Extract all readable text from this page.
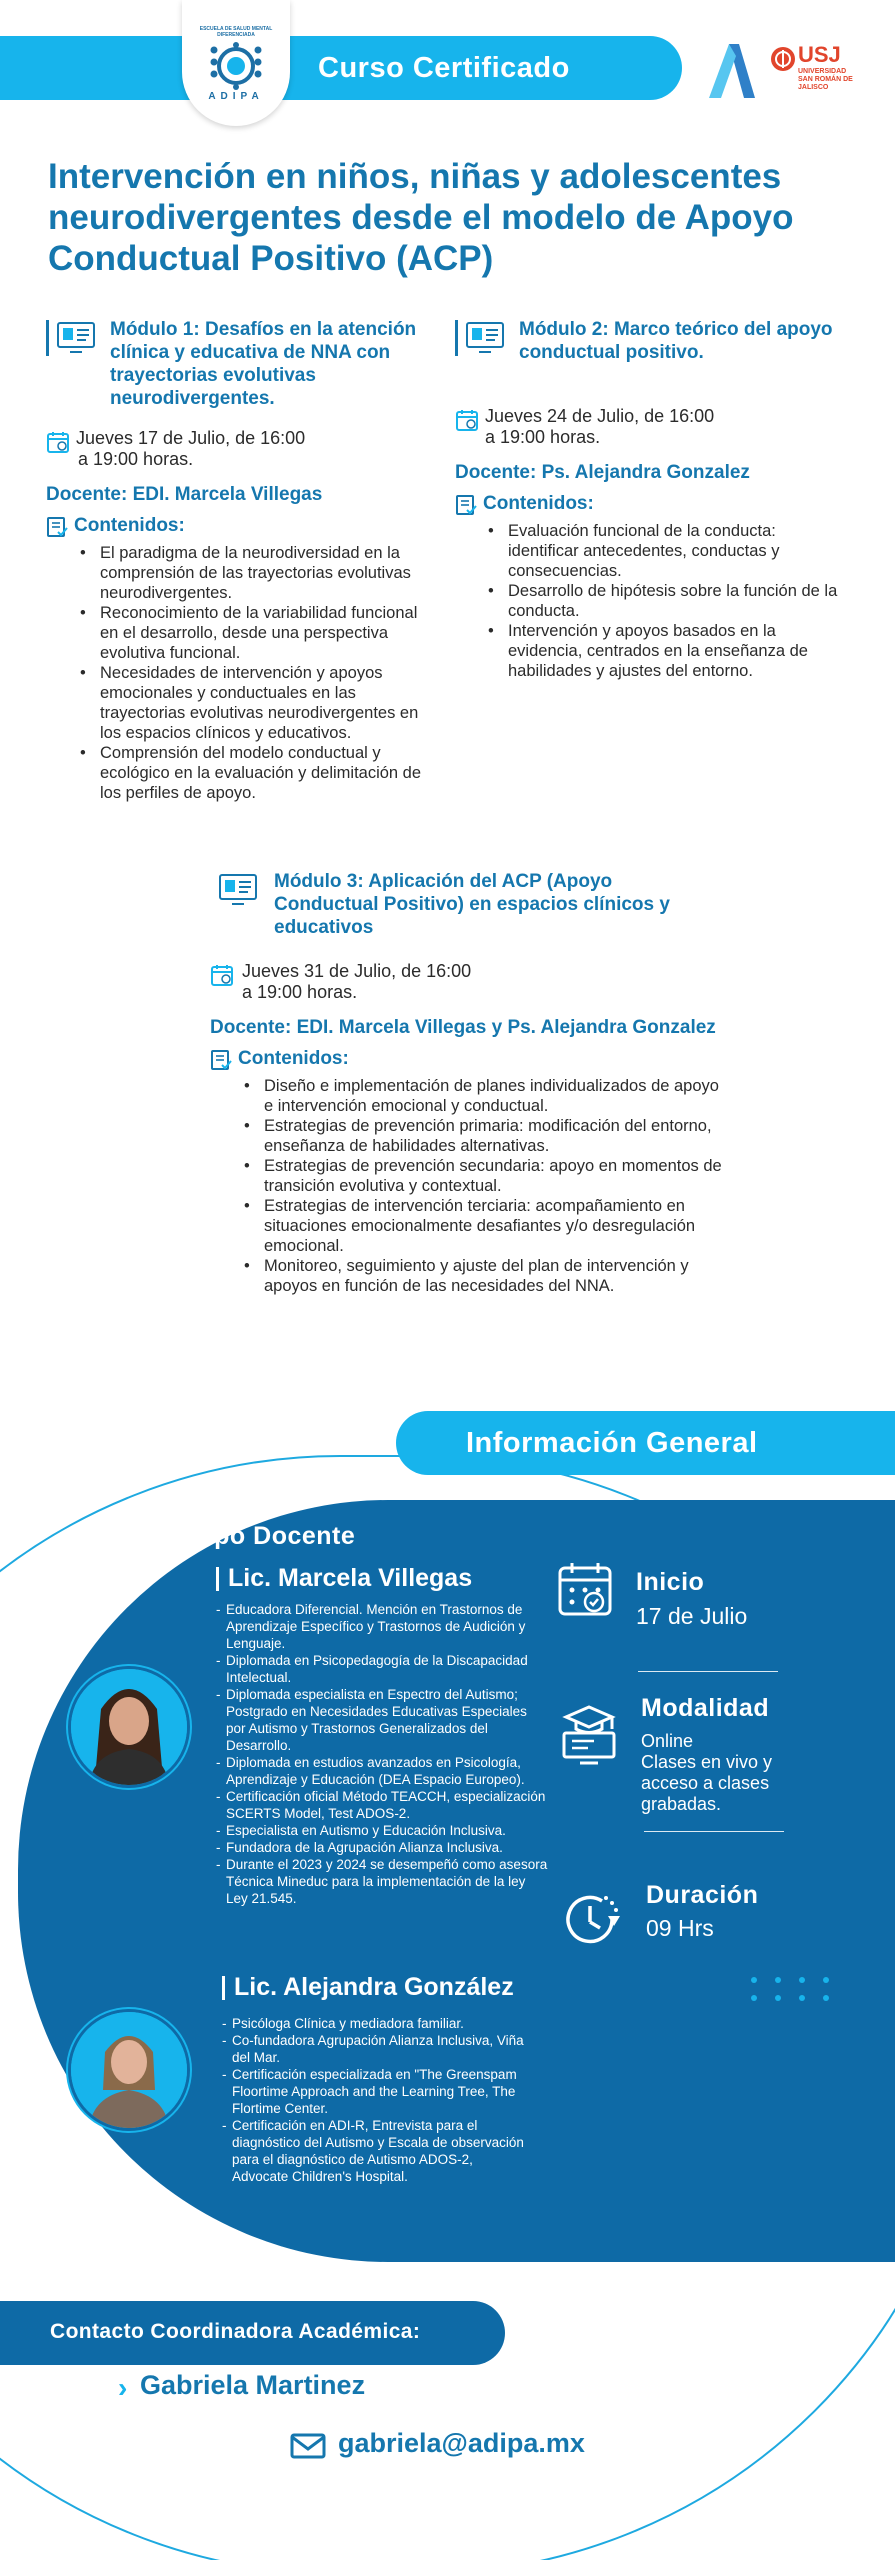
Curso Certificado
ESCUELA DE SALUD MENTAL DIFERENCIADA
ADIPA
USJ
UNIVERSIDAD SAN ROMÁN DE JALISCO
Intervención en niños, niñas y adolescentes neurodivergentes desde el modelo de Apoyo Conductual Positivo (ACP)
Módulo 1: Desafíos en la atención clínica y educativa de NNA con trayectorias evolutivas neurodivergentes.
Jueves 17 de Julio, de 16:00
a 19:00 horas.
Docente: EDI. Marcela Villegas
Contenidos:
• El paradigma de la neurodiversidad en la comprensión de las trayectorias evolutivas neurodivergentes.
• Reconocimiento de la variabilidad funcional en el desarrollo, desde una perspectiva evolutiva funcional.
• Necesidades de intervención y apoyos emocionales y conductuales en las trayectorias evolutivas neurodivergentes en los espacios clínicos y educativos.
• Comprensión del modelo conductual y ecológico en la evaluación y delimitación de los perfiles de apoyo.
Módulo 2: Marco teórico del apoyo conductual positivo.
Jueves 24 de Julio, de 16:00
a 19:00 horas.
Docente: Ps. Alejandra Gonzalez
Contenidos:
• Evaluación funcional de la conducta: identificar antecedentes, conductas y consecuencias.
• Desarrollo de hipótesis sobre la función de la conducta.
• Intervención y apoyos basados en la evidencia, centrados en la enseñanza de habilidades y ajustes del entorno.
Módulo 3: Aplicación del ACP (Apoyo Conductual Positivo) en espacios clínicos y educativos
Jueves 31 de Julio, de 16:00
a 19:00 horas.
Docente: EDI. Marcela Villegas y Ps. Alejandra Gonzalez
Contenidos:
• Diseño e implementación de planes individualizados de apoyo e intervención emocional y conductual.
• Estrategias de prevención primaria: modificación del entorno, enseñanza de habilidades alternativas.
• Estrategias de prevención secundaria: apoyo en momentos de transición evolutiva y contextual.
• Estrategias de intervención terciaria: acompañamiento en situaciones emocionalmente desafiantes y/o desregulación emocional.
• Monitoreo, seguimiento y ajuste del plan de intervención y apoyos en función de las necesidades del NNA.
Información General
Equipo Docente
Lic. Marcela Villegas
- Educadora Diferencial. Mención en Trastornos de Aprendizaje Específico y Trastornos de Audición y Lenguaje.
- Diplomada en Psicopedagogía de la Discapacidad Intelectual.
- Diplomada especialista en Espectro del Autismo; Postgrado en Necesidades Educativas Especiales por Autismo y Trastornos Generalizados del Desarrollo.
- Diplomada en estudios avanzados en Psicología, Aprendizaje y Educación (DEA Espacio Europeo).
- Certificación oficial Método TEACCH, especialización SCERTS Model, Test ADOS-2.
- Especialista en Autismo y Educación Inclusiva.
- Fundadora de la Agrupación Alianza Inclusiva.
- Durante el 2023 y 2024 se desempeñó como asesora Técnica Mineduc para la implementación de la ley Ley 21.545.
Lic. Alejandra González
- Psicóloga Clínica y mediadora familiar.
- Co-fundadora Agrupación Alianza Inclusiva, Viña del Mar.
- Certificación especializada en "The Greenspam Floortime Approach and the Learning Tree, The Flortime Center.
- Certificación en ADI-R, Entrevista para el diagnóstico del Autismo y Escala de observación para el diagnóstico de Autismo ADOS-2, Advocate Children's Hospital.
Inicio
17 de Julio
Modalidad
Online
Clases en vivo y
acceso a clases
grabadas.
Duración
09 Hrs
Contacto Coordinadora Académica:
› Gabriela Martinez
gabriela@adipa.mx
